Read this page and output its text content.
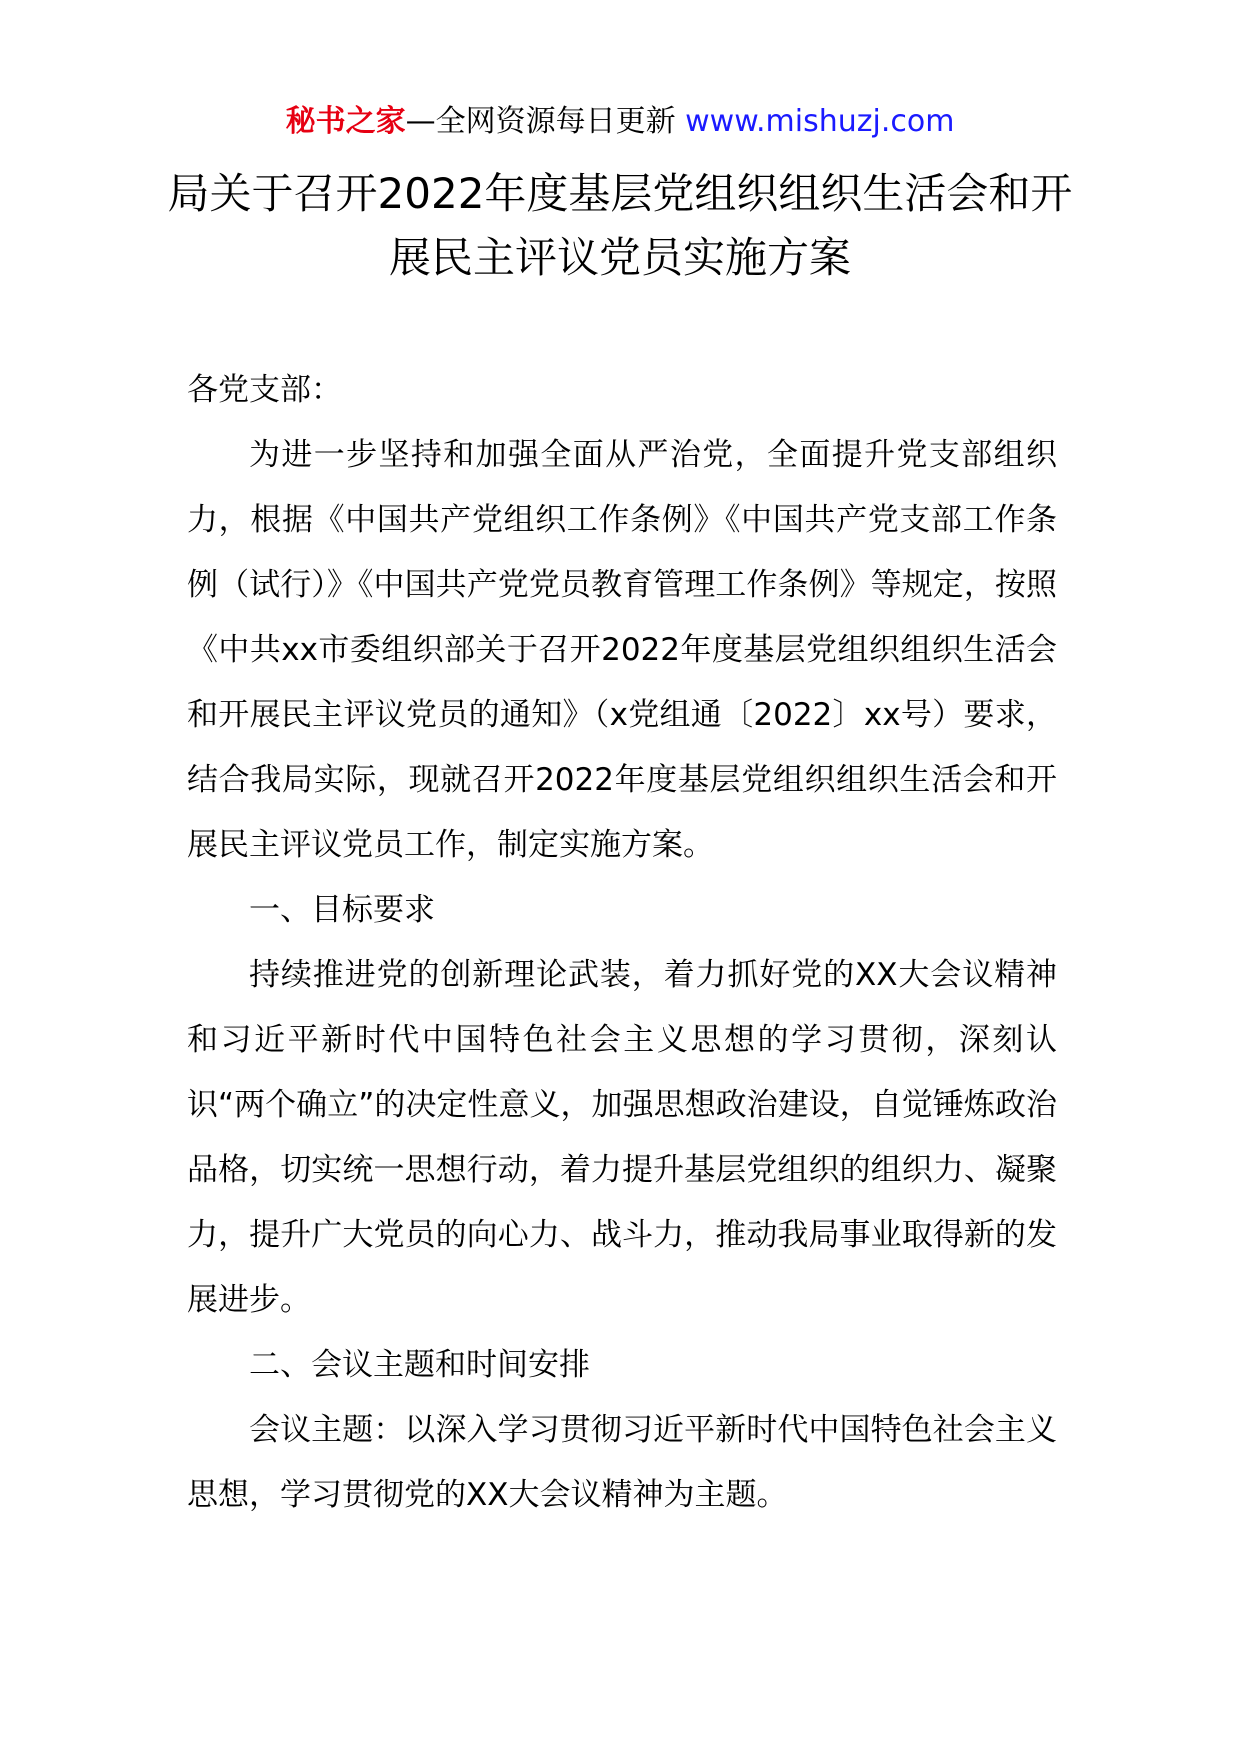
秘书之家—全网资源每日更新 www.mishuzj.com
局关于召开2022年度基层党组织组织生活会和开展民主评议党员实施方案

各党支部：

为进一步坚持和加强全面从严治党，全面提升党支部组织力，根据《中国共产党组织工作条例》《中国共产党支部工作条例（试行）》《中国共产党党员教育管理工作条例》等规定，按照《中共xx市委组织部关于召开2022年度基层党组织组织生活会和开展民主评议党员的通知》（x党组通〔2022〕xx号）要求，结合我局实际，现就召开2022年度基层党组织组织生活会和开展民主评议党员工作，制定实施方案。

一、目标要求

持续推进党的创新理论武装，着力抓好党的XX大会议精神和习近平新时代中国特色社会主义思想的学习贯彻，深刻认识“两个确立”的决定性意义，加强思想政治建设，自觉锤炼政治品格，切实统一思想行动，着力提升基层党组织的组织力、凝聚力，提升广大党员的向心力、战斗力，推动我局事业取得新的发展进步。

二、会议主题和时间安排

会议主题：以深入学习贯彻习近平新时代中国特色社会主义思想，学习贯彻党的XX大会议精神为主题。
